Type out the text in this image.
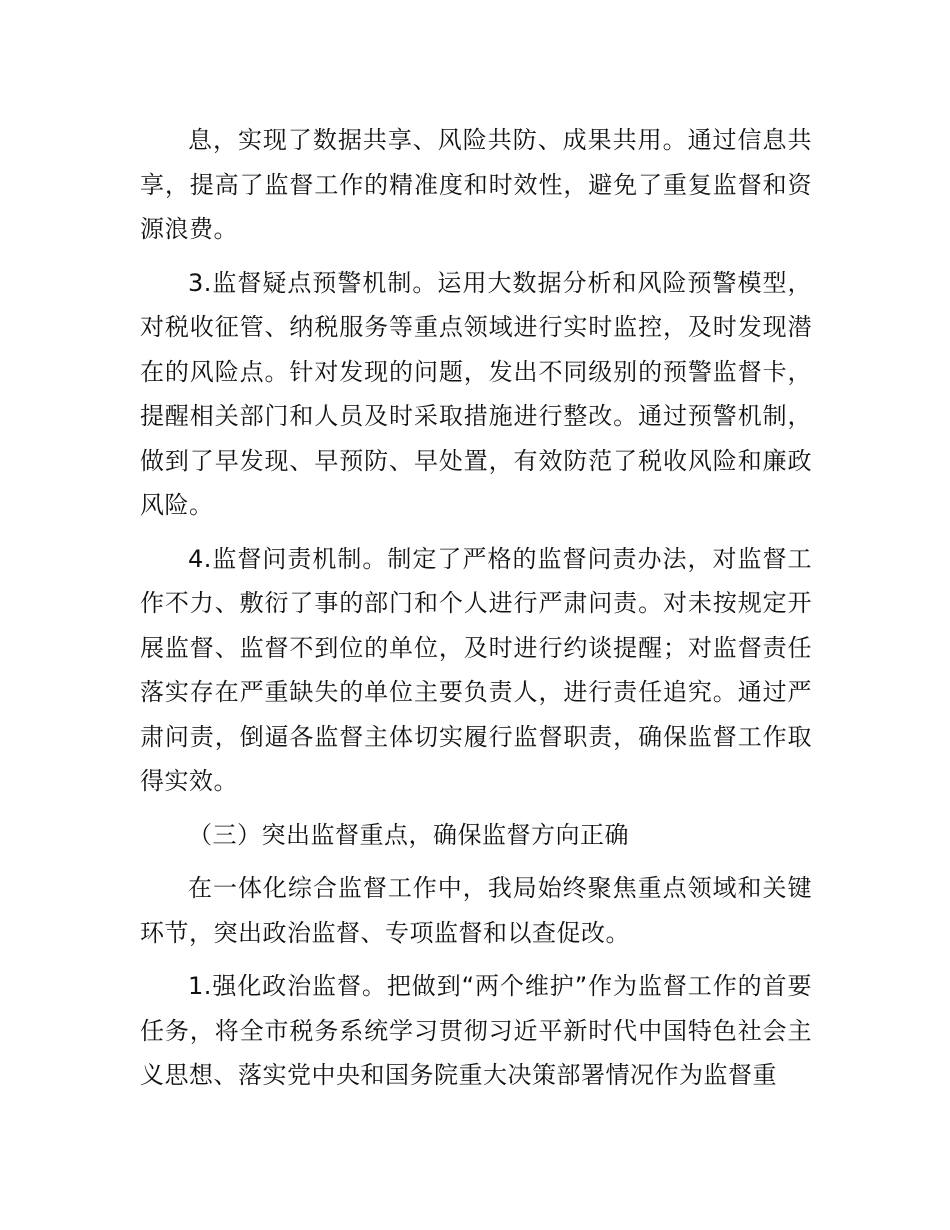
息，实现了数据共享、风险共防、成果共用。通过信息共享，提高了监督工作的精准度和时效性，避免了重复监督和资源浪费。

3.监督疑点预警机制。运用大数据分析和风险预警模型，对税收征管、纳税服务等重点领域进行实时监控，及时发现潜在的风险点。针对发现的问题，发出不同级别的预警监督卡，提醒相关部门和人员及时采取措施进行整改。通过预警机制，做到了早发现、早预防、早处置，有效防范了税收风险和廉政风险。

4.监督问责机制。制定了严格的监督问责办法，对监督工作不力、敷衍了事的部门和个人进行严肃问责。对未按规定开展监督、监督不到位的单位，及时进行约谈提醒；对监督责任落实存在严重缺失的单位主要负责人，进行责任追究。通过严肃问责，倒逼各监督主体切实履行监督职责，确保监督工作取得实效。

（三）突出监督重点，确保监督方向正确

在一体化综合监督工作中，我局始终聚焦重点领域和关键环节，突出政治监督、专项监督和以查促改。

1.强化政治监督。把做到“两个维护”作为监督工作的首要任务，将全市税务系统学习贯彻习近平新时代中国特色社会主义思想、落实党中央和国务院重大决策部署情况作为监督重
